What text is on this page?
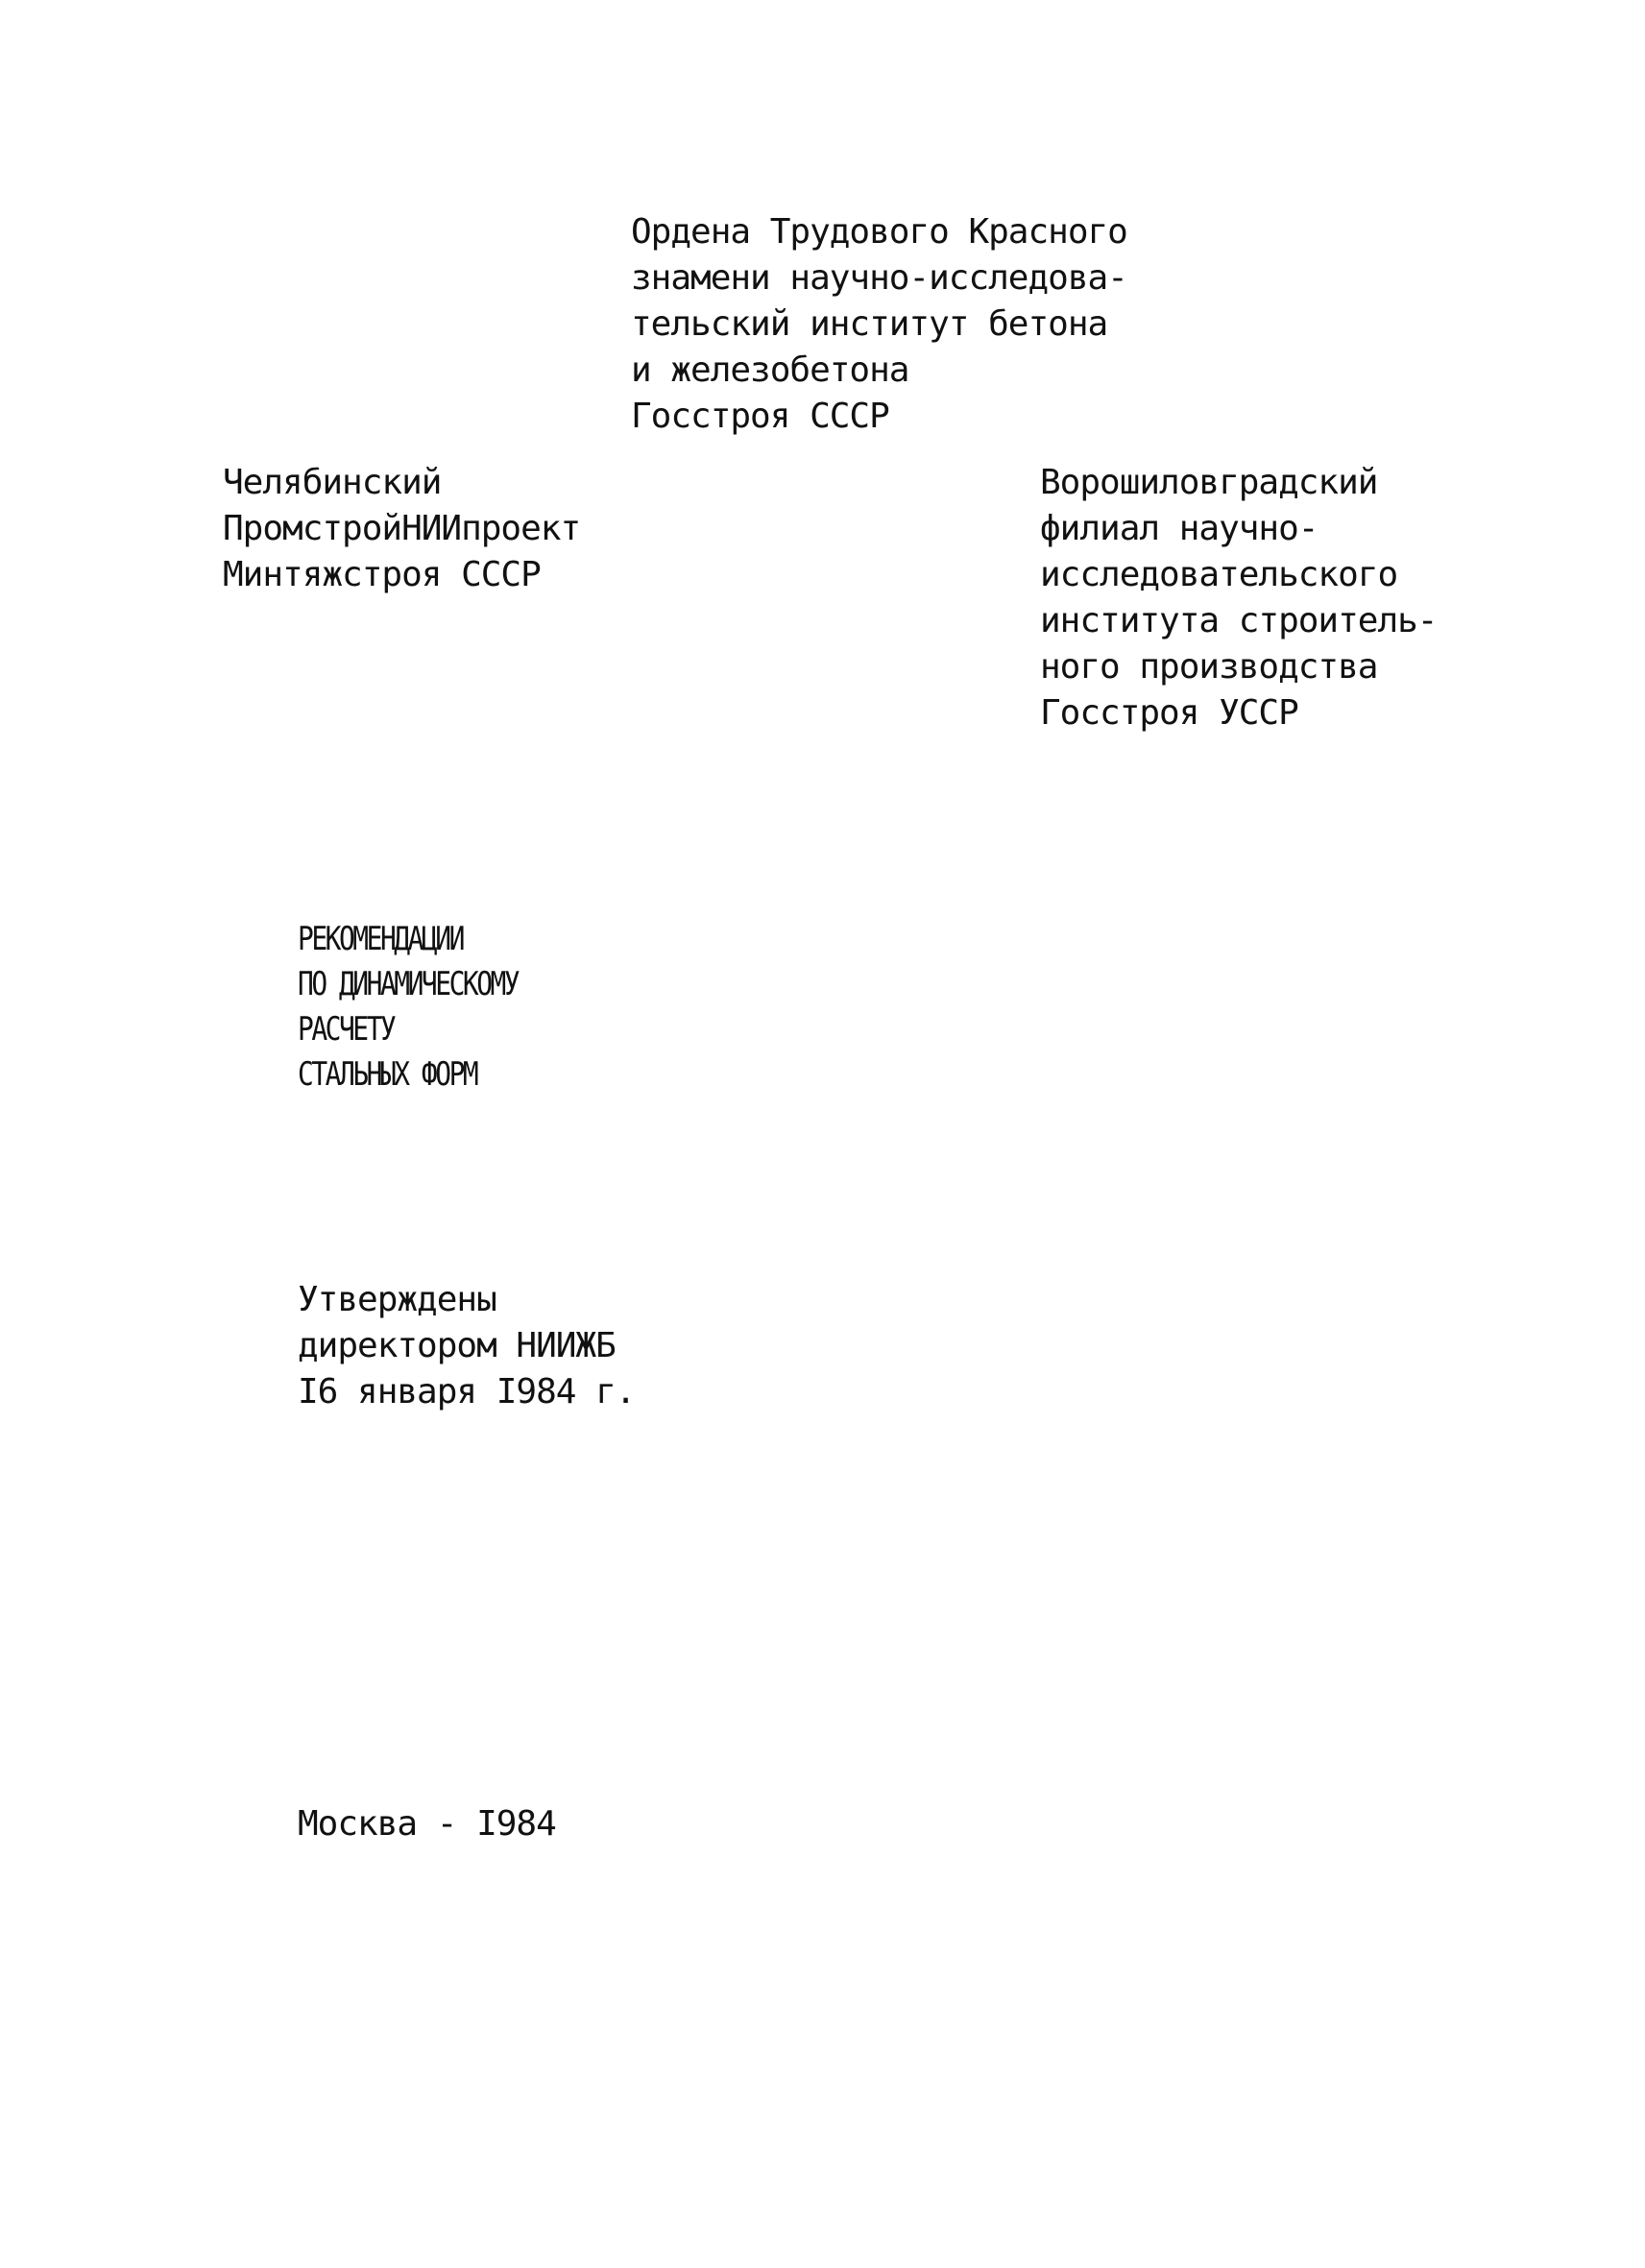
Ордена Трудового Красного
знамени научно-исследова-
тельский институт бетона
и железобетона
Госстроя СССР
Челябинский
ПромстройНИИпроект
Минтяжстроя СССР
Ворошиловградский
филиал научно-
исследовательского
института строитель-
ного производства
Госстроя УССР
РЕКОМЕНДАЦИИ
ПО ДИНАМИЧЕСКОМУ
РАСЧЕТУ
СТАЛЬНЫХ ФОРМ
Утверждены
директором НИИЖБ
I6 января I984 г.
Москва - I984
